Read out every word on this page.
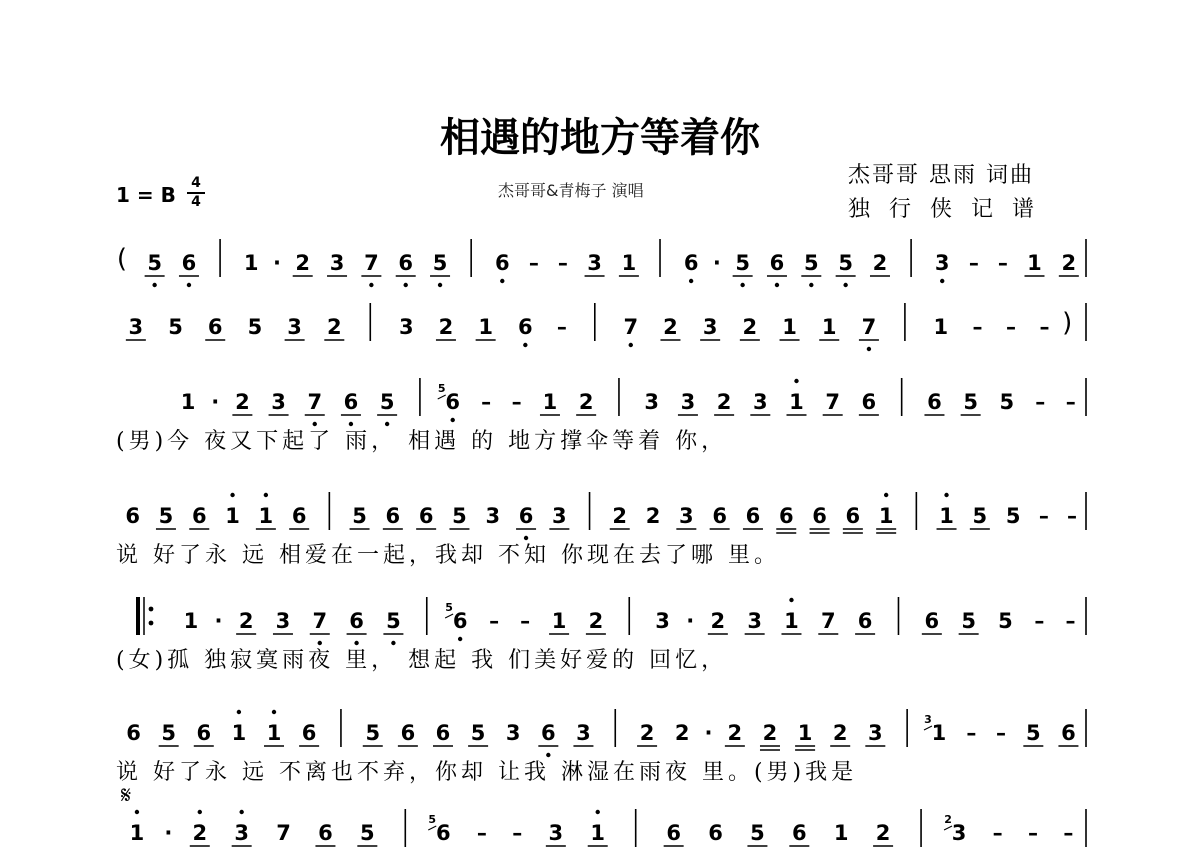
相遇的地方等着你
1 = B 4
4
杰哥哥&青梅子 演唱
杰哥哥 思雨 词曲
独 行 侠 记 谱
( 5 6 1 · 2 3 7 6 5 6 – – 3 1 6 · 5 6 5 5 2 3 – – 1 2
3 5 6 5 3 2	3 2 1 6 –	7 2 3 2 1 1 7	1 – – – )
1 · 2 3 7 6 5 6
5
– – 1 2 3 3 2 3 1 7 6 6 5 5 – –
(男)今 夜又下起了 雨， 相遇 的 地方撑伞等着 你，
6 5 6 1 1 6 5 6 6 5 3 6 3 2 2 3 6 6 6 6 6 1 1 5 5 – –
说 好了永 远 相爱在一起，我却 不知 你现在去了哪 里。
1 · 2 3 7 6 5 6
5
– – 1 2 3 · 2 3 1 7 6 6 5 5 – –
(女)孤 独寂寞雨夜 里， 想起 我 们美好爱的 回忆，
6 5 6 1 1 6 5 6 6 5 3 6 3 2 2 · 2 2 1 2 3 1
3
– – 5 6
说 好了永 远 不离也不弃，你却 让我 淋湿在雨夜 里。(男)我是
1 · 2 3 7 6 5	6
5
– – 3 1	6 6 5 6 1 2	3
2
– – –
𝄋
